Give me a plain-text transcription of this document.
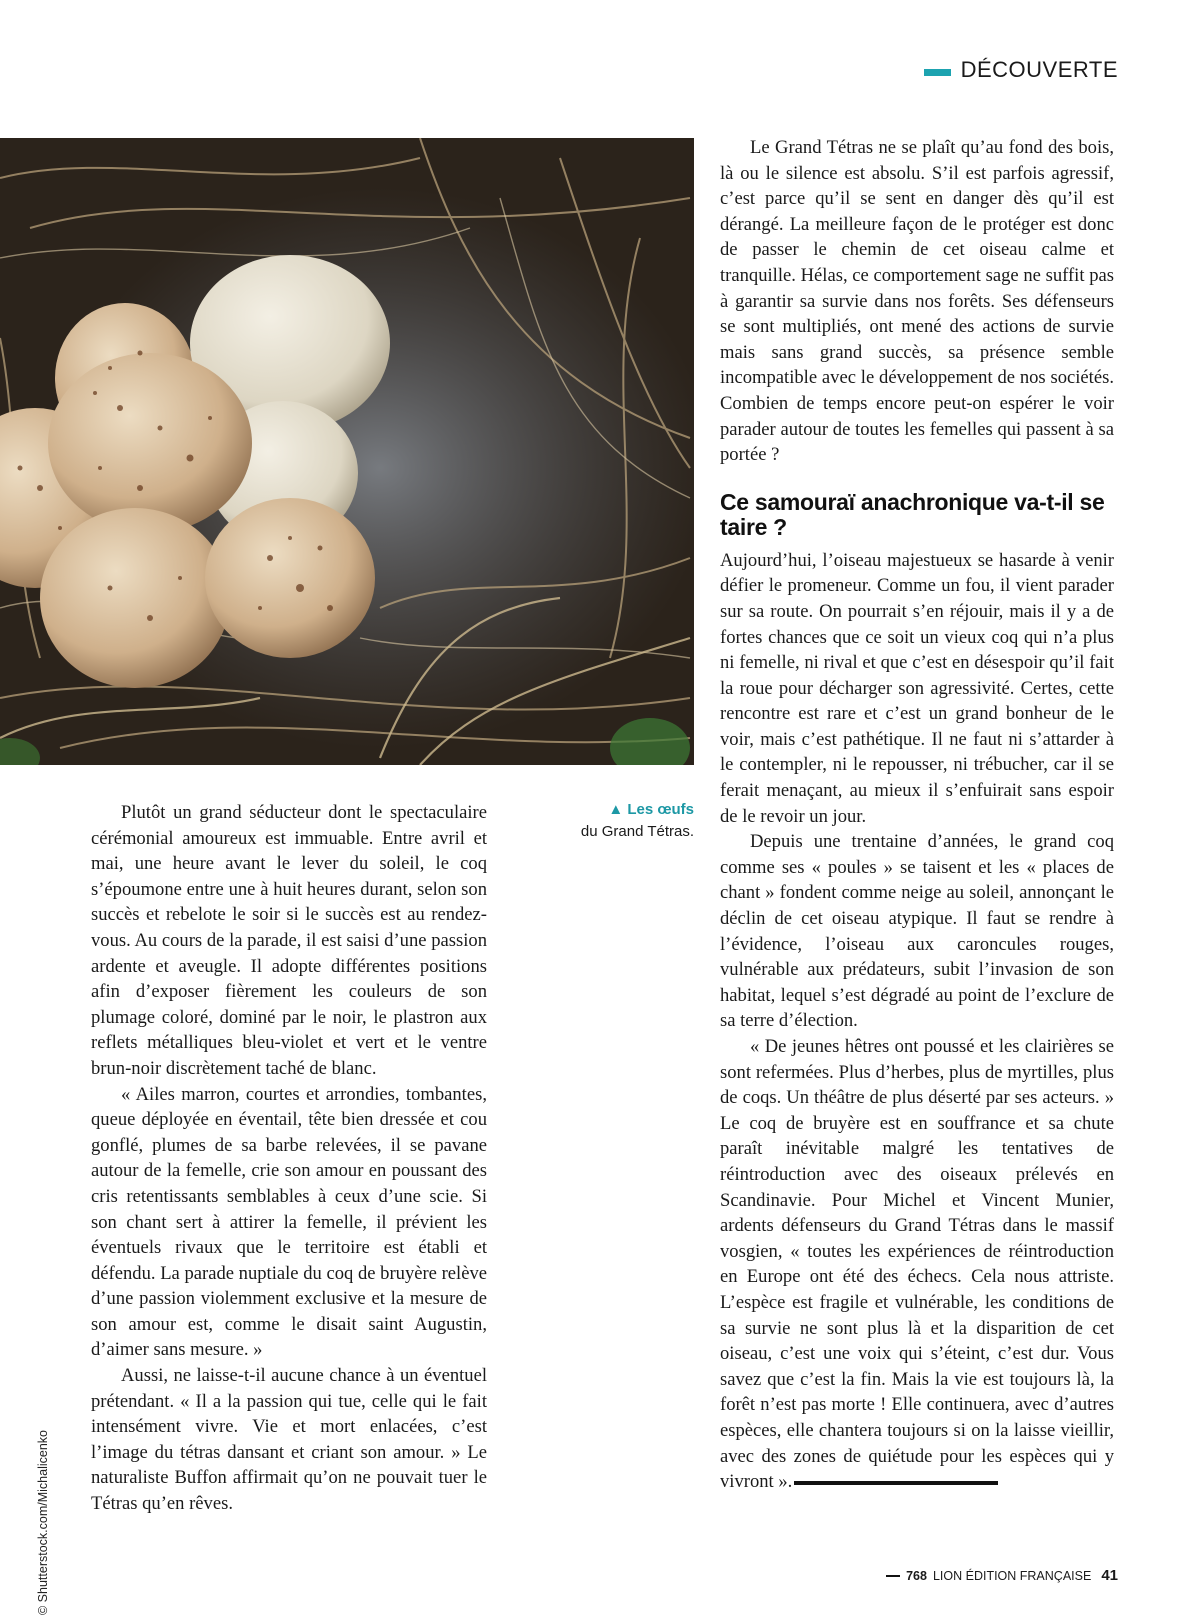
DÉCOUVERTE
© Shutterstock.com/Michalicenko
▲ Les œufs
du Grand Tétras.

Plutôt un grand séducteur dont le spectaculaire cérémonial amoureux est immuable. Entre avril et mai, une heure avant le lever du soleil, le coq s’époumone entre une à huit heures durant, selon son succès et rebelote le soir si le succès est au rendez-vous. Au cours de la parade, il est saisi d’une passion ardente et aveugle. Il adopte différentes positions afin d’exposer fièrement les couleurs de son plumage coloré, dominé par le noir, le plastron aux reflets métalliques bleu-violet et vert et le ventre brun-noir discrètement taché de blanc.

« Ailes marron, courtes et arrondies, tombantes, queue déployée en éventail, tête bien dressée et cou gonflé, plumes de sa barbe relevées, il se pavane autour de la femelle, crie son amour en poussant des cris retentissants semblables à ceux d’une scie. Si son chant sert à attirer la femelle, il prévient les éventuels rivaux que le territoire est établi et défendu. La parade nuptiale du coq de bruyère relève d’une passion violemment exclusive et la mesure de son amour est, comme le disait saint Augustin, d’aimer sans mesure. »

Aussi, ne laisse-t-il aucune chance à un éventuel prétendant. « Il a la passion qui tue, celle qui le fait intensément vivre. Vie et mort enlacées, c’est l’image du tétras dansant et criant son amour. » Le naturaliste Buffon affirmait qu’on ne pouvait tuer le Tétras qu’en rêves.

Le Grand Tétras ne se plaît qu’au fond des bois, là ou le silence est absolu. S’il est parfois agressif, c’est parce qu’il se sent en danger dès qu’il est dérangé. La meilleure façon de le protéger est donc de passer le chemin de cet oiseau calme et tranquille. Hélas, ce comportement sage ne suffit pas à garantir sa survie dans nos forêts. Ses défenseurs se sont multipliés, ont mené des actions de survie mais sans grand succès, sa présence semble incompatible avec le développement de nos sociétés. Combien de temps encore peut-on espérer le voir parader autour de toutes les femelles qui passent à sa portée ?

Ce samouraï anachronique va-t-il se taire ?

Aujourd’hui, l’oiseau majestueux se hasarde à venir défier le promeneur. Comme un fou, il vient parader sur sa route. On pourrait s’en réjouir, mais il y a de fortes chances que ce soit un vieux coq qui n’a plus ni femelle, ni rival et que c’est en désespoir qu’il fait la roue pour décharger son agressivité. Certes, cette rencontre est rare et c’est un grand bonheur de le voir, mais c’est pathétique. Il ne faut ni s’attarder à le contempler, ni le repousser, ni trébucher, car il se ferait menaçant, au mieux il s’enfuirait sans espoir de le revoir un jour.

Depuis une trentaine d’années, le grand coq comme ses « poules » se taisent et les « places de chant » fondent comme neige au soleil, annonçant le déclin de cet oiseau atypique. Il faut se rendre à l’évidence, l’oiseau aux caroncules rouges, vulnérable aux prédateurs, subit l’invasion de son habitat, lequel s’est dégradé au point de l’exclure de sa terre d’élection.

« De jeunes hêtres ont poussé et les clairières se sont refermées. Plus d’herbes, plus de myrtilles, plus de coqs. Un théâtre de plus déserté par ses acteurs. » Le coq de bruyère est en souffrance et sa chute paraît inévitable malgré les tentatives de réintroduction avec des oiseaux prélevés en Scandinavie. Pour Michel et Vincent Munier, ardents défenseurs du Grand Tétras dans le massif vosgien, « toutes les expériences de réintroduction en Europe ont été des échecs. Cela nous attriste. L’espèce est fragile et vulnérable, les conditions de sa survie ne sont plus là et la disparition de cet oiseau, c’est une voix qui s’éteint, c’est dur. Vous savez que c’est la fin. Mais la vie est toujours là, la forêt n’est pas morte ! Elle continuera, avec d’autres espèces, elle chantera toujours si on la laisse vieillir, avec des zones de quiétude pour les espèces qui y vivront ».

768 LION ÉDITION FRANÇAISE 41
